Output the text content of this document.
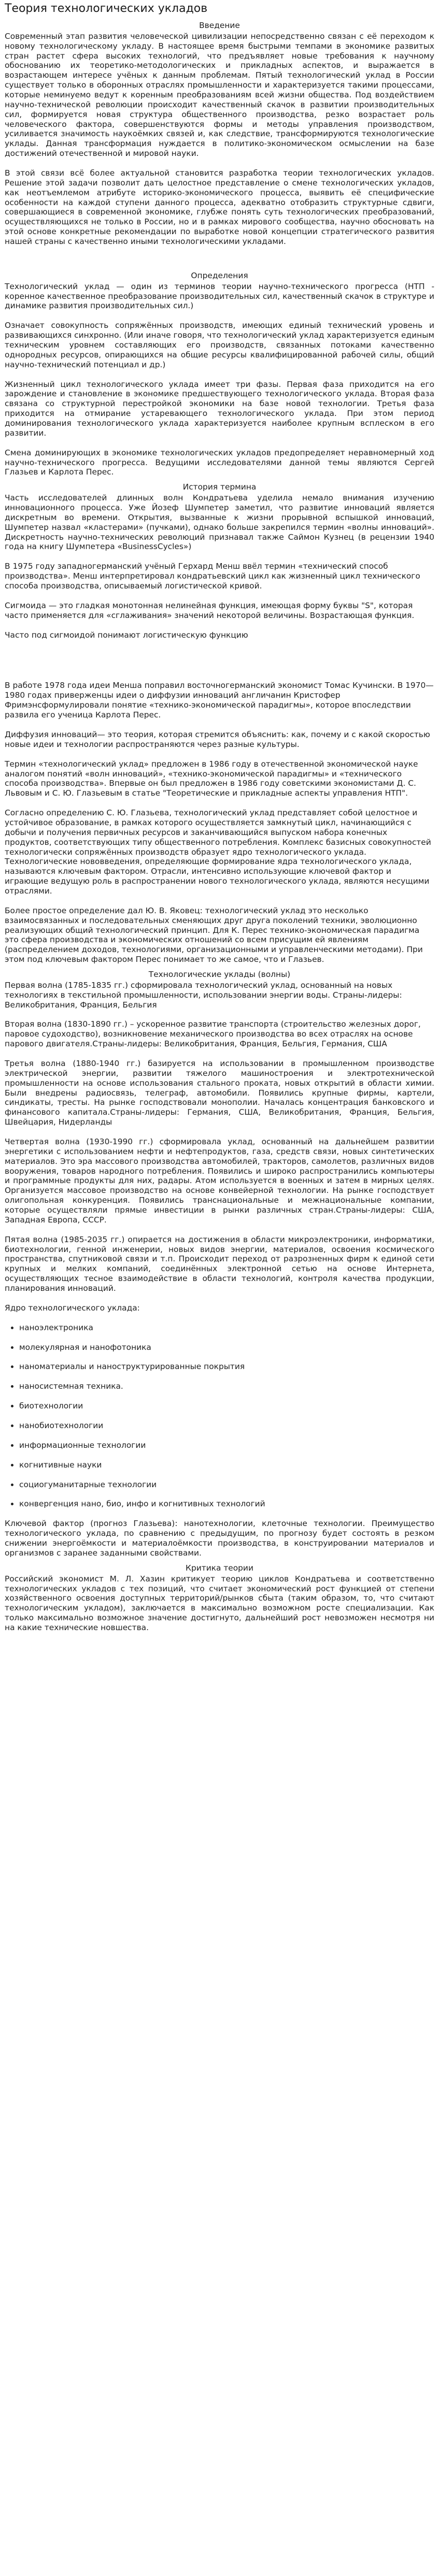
Теория технологических укладов
Введение

Современный этап развития человеческой цивилизации непосредственно связан с её переходом к новому технологическому укладу. В настоящее время быстрыми темпами в экономике развитых стран растет сфера высоких технологий, что предъявляет новые требования к научному обоснованию их теоретико-методологических и прикладных аспектов, и выражается в возрастающем интересе учёных к данным проблемам. Пятый технологический уклад в России существует только в оборонных отраслях промышленности и характеризуется такими процессами, которые неминуемо ведут к коренным преобразованиям всей жизни общества. Под воздействием научно-технической революции происходит качественный скачок в развитии производительных сил, формируется новая структура общественного производства, резко возрастает роль человеческого фактора, совершенствуются формы и методы управления производством, усиливается значимость наукоёмких связей и, как следствие, трансформируются технологические уклады. Данная трансформация нуждается в политико-экономическом осмыслении на базе достижений отечественной и мировой науки.

В этой связи всё более актуальной становится разработка теории технологических укладов. Решение этой задачи позволит дать целостное представление о смене технологических укладов, как неотъемлемом атрибуте историко-экономического процесса, выявить её специфические особенности на каждой ступени данного процесса, адекватно отобразить структурные сдвиги, совершающиеся в современной экономике, глубже понять суть технологических преобразований, осуществляющихся не только в России, но и в рамках мирового сообщества, научно обосновать на этой основе конкретные рекомендации по выработке новой концепции стратегического развития нашей страны с качественно иными технологическими укладами.

Определения

Технологический уклад — один из терминов теории научно-технического прогресса (НТП - коренное качественное преобразование производительных сил, качественный скачок в структуре и динамике развития производительных сил.)

Означает совокупность сопряжённых производств, имеющих единый технический уровень и развивающихся синхронно. (Или иначе говоря, что технологический уклад характеризуется единым техническим уровнем составляющих его производств, связанных потоками качественно однородных ресурсов, опирающихся на общие ресурсы квалифицированной рабочей силы, общий научно-технический потенциал и др.)

Жизненный цикл технологического уклада имеет три фазы. Первая фаза приходится на его зарождение и становление в экономике предшествующего технологического уклада. Вторая фаза связана со структурной перестройкой экономики на базе новой технологии. Третья фаза приходится на отмирание устаревающего технологического уклада. При этом период доминирования технологического уклада характеризуется наиболее крупным всплеском в его развитии.

Смена доминирующих в экономике технологических укладов предопределяет неравномерный ход научно-технического прогресса. Ведущими исследователями данной темы являются Сергей Глазьев и Карлота Перес.

История термина

Часть исследователей длинных волн Кондратьева уделила немало внимания изучению инновационного процесса. Уже Йозеф Шумпетер заметил, что развитие инноваций является дискретным во времени. Открытия, вызванные к жизни прорывной вспышкой инноваций, Шумпетер назвал «кластерами» (пучками), однако больше закрепился термин «волны инноваций». Дискретность научно-технических революций признавал также Саймон Кузнец (в рецензии 1940 года на книгу Шумпетера «BusinessCycles»)

В 1975 году западногерманский учёный Герхард Менш ввёл термин «технический способ производства». Менш интерпретировал кондратьевский цикл как жизненный цикл технического способа производства, описываемый логистической кривой.

Сигмоида — это гладкая монотонная нелинейная функция, имеющая форму буквы "S", которая часто применяется для «сглаживания» значений некоторой величины. Возрастающая функция.

Часто под сигмоидой понимают логистическую функцию

В работе 1978 года идеи Менша поправил восточногерманский экономист Томас Кучински. В 1970—1980 годах приверженцы идеи о диффузии инноваций англичанин Кристофер Фримэнсформулировали понятие «технико-экономической парадигмы», которое впоследствии развила его ученица Карлота Перес.

Диффузия инноваций— это теория, которая стремится объяснить: как, почему и с какой скоростью новые идеи и технологии распространяются через разные культуры.

Термин «технологический уклад» предложен в 1986 году в отечественной экономической науке аналогом понятий «волн инноваций», «технико-экономической парадигмы» и «технического способа производства». Впервые он был предложен в 1986 году советскими экономистами Д. С. Львовым и С. Ю. Глазьевым в статье "Теоретические и прикладные аспекты управления НТП".

Согласно определению С. Ю. Глазьева, технологический уклад представляет собой целостное и устойчивое образование, в рамках которого осуществляется замкнутый цикл, начинающийся с добычи и получения первичных ресурсов и заканчивающийся выпуском набора конечных продуктов, соответствующих типу общественного потребления. Комплекс базисных совокупностей технологически сопряжённых производств образует ядро технологического уклада. Технологические нововведения, определяющие формирование ядра технологического уклада, называются ключевым фактором. Отрасли, интенсивно использующие ключевой фактор и играющие ведущую роль в распространении нового технологического уклада, являются несущими отраслями.

Более простое определение дал Ю. В. Яковец: технологический уклад это несколько взаимосвязанных и последовательных сменяющих друг друга поколений техники, эволюционно реализующих общий технологический принцип. Для К. Перес технико-экономическая парадигма это сфера производства и экономических отношений со всем присущим ей явлениям (распределением доходов, технологиями, организационными и управленческими методами). При этом под ключевым фактором Перес понимает то же самое, что и Глазьев.

Технологические уклады (волны)

Первая волна (1785-1835 гг.) сформировала технологический уклад, основанный на новых технологиях в текстильной промышленности, использовании энергии воды. Страны-лидеры: Великобритания, Франция, Бельгия

Вторая волна (1830-1890 гг.) – ускоренное развитие транспорта (строительство железных дорог, паровое судоходство), возникновение механического производства во всех отраслях на основе парового двигателя.Страны-лидеры: Великобритания, Франция, Бельгия, Германия, США

Третья волна (1880-1940 гг.) базируется на использовании в промышленном производстве электрической энергии, развитии тяжелого машиностроения и электротехнической промышленности на основе использования стального проката, новых открытий в области химии. Были внедрены радиосвязь, телеграф, автомобили. Появились крупные фирмы, картели, синдикаты, тресты. На рынке господствовали монополии. Началась концентрация банковского и финансового капитала.Страны-лидеры: Германия, США, Великобритания, Франция, Бельгия, Швейцария, Нидерланды

Четвертая волна (1930-1990 гг.) сформировала уклад, основанный на дальнейшем развитии энергетики с использованием нефти и нефтепродуктов, газа, средств связи, новых синтетических материалов. Это эра массового производства автомобилей, тракторов, самолетов, различных видов вооружения, товаров народного потребления. Появились и широко распространились компьютеры и программные продукты для них, радары. Атом используется в военных и затем в мирных целях. Организуется массовое производство на основе конвейерной технологии. На рынке господствует олигопольная конкуренция. Появились транснациональные и межнациональные компании, которые осуществляли прямые инвестиции в рынки различных стран.Страны-лидеры: США, Западная Европа, СССР.

Пятая волна (1985-2035 гг.) опирается на достижения в области микроэлектроники, информатики, биотехнологии, генной инженерии, новых видов энергии, материалов, освоения космического пространства, спутниковой связи и т.п. Происходит переход от разрозненных фирм к единой сети крупных и мелких компаний, соединённых электронной сетью на основе Интернета, осуществляющих тесное взаимодействие в области технологий, контроля качества продукции, планирования инноваций.

Ядро технологического уклада:

• наноэлектроника
• молекулярная и нанофотоника
• наноматериалы и наноструктурированные покрытия
• наносистемная техника.
• биотехнологии
• нанобиотехнологии
• информационные технологии
• когнитивные науки
• социогуманитарные технологии
• конвергенция нано, био, инфо и когнитивных технологий

Ключевой фактор (прогноз Глазьева): нанотехнологии, клеточные технологии. Преимущество технологического уклада, по сравнению с предыдущим, по прогнозу будет состоять в резком снижении энергоёмкости и материалоёмкости производства, в конструировании материалов и организмов с заранее заданными свойствами.

Критика теории

Российский экономист М. Л. Хазин критикует теорию циклов Кондратьева и соответственно технологических укладов с тех позиций, что считает экономический рост функцией от степени хозяйственного освоения доступных территорий/рынков сбыта (таким образом, то, что считают технологическим укладом), заключается в максимально возможном росте специализации. Как только максимально возможное значение достигнуто, дальнейший рост невозможен несмотря ни на какие технические новшества.
